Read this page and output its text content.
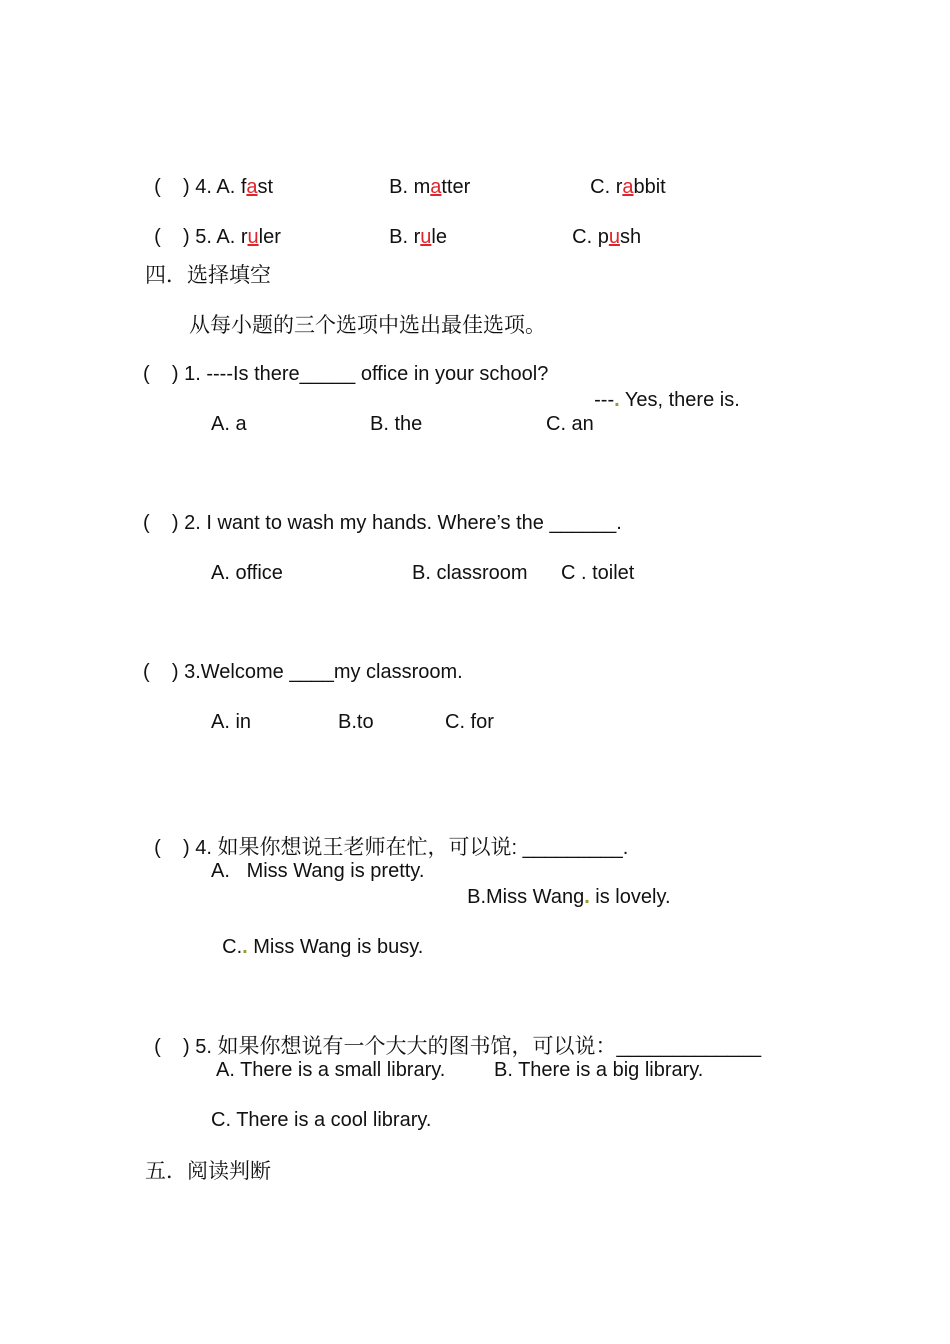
(    ) 4. A. fast	B. matter	C. rabbit

(    ) 5. A. ruler	B. rule	C. push

四．选择填空
从每小题的三个选项中选出最佳选项。
(    ) 1. ----Is there_____ office in your school?

---. Yes, there is.

A. a	B. the	C. an
(    ) 2. I want to wash my hands. Where’s the ______.
A. office	B. classroom C . toilet
(    ) 3.Welcome ____my classroom.
A. in	B.to	C. for

(    ) 4. 如果你想说王老师在忙，可以说: _________.

A.   Miss Wang is pretty.

B.Miss Wang. is lovely.

C.. Miss Wang is busy.

(    ) 5. 如果你想说有一个大大的图书馆，可以说：_____________

A. There is a small library. B. There is a big library.
C. There is a cool library.
五．阅读判断
